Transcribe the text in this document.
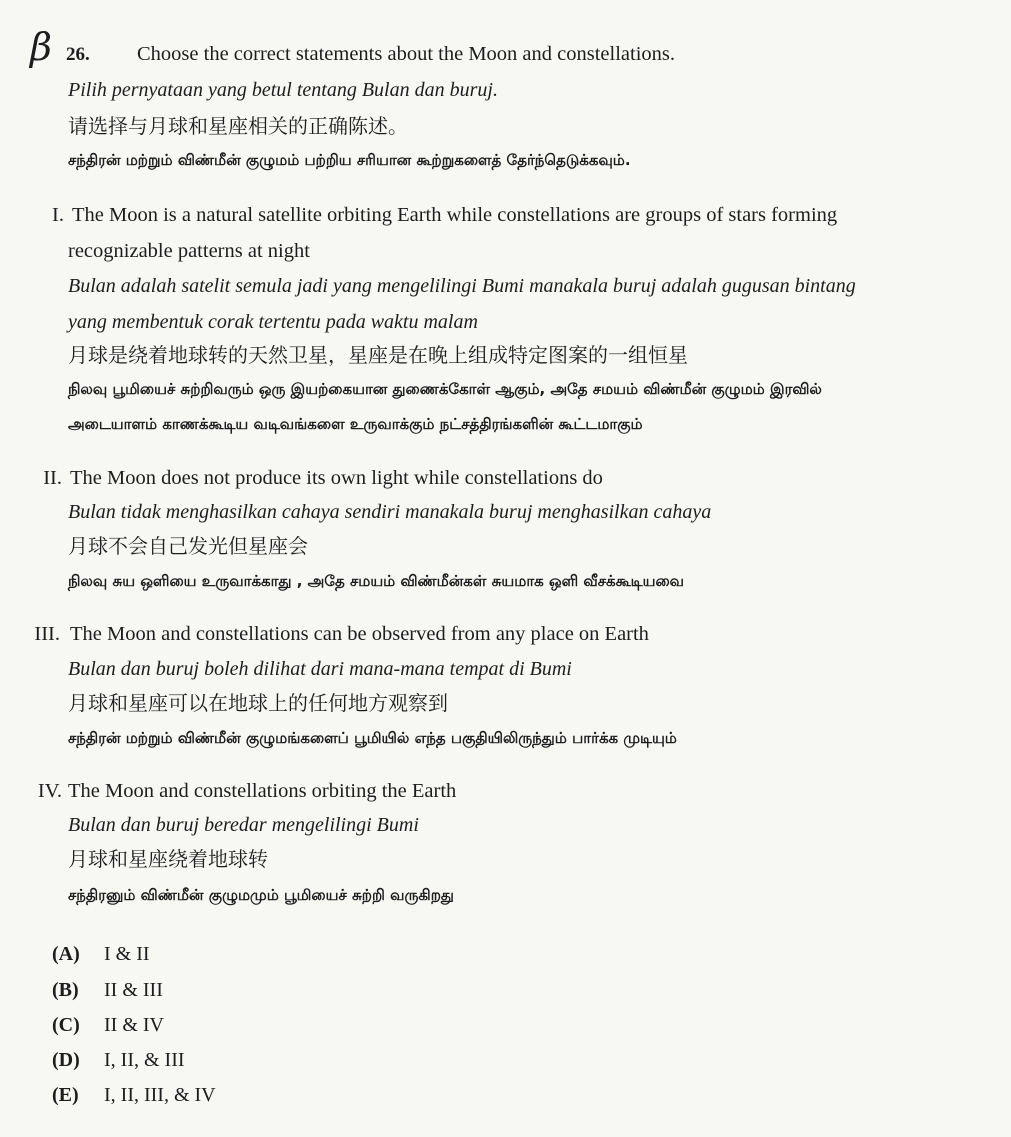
β 26. Choose the correct statements about the Moon and constellations.
Pilih pernyataan yang betul tentang Bulan dan buruj.
请选择与月球和星座相关的正确陈述。
சந்திரன் மற்றும் விண்மீன் குழுமம் பற்றிய சரியான கூற்றுகளைத் தேர்ந்தெடுக்கவும்.
I. The Moon is a natural satellite orbiting Earth while constellations are groups of stars forming
recognizable patterns at night
Bulan adalah satelit semula jadi yang mengelilingi Bumi manakala buruj adalah gugusan bintang
yang membentuk corak tertentu pada waktu malam
月球是绕着地球转的天然卫星，星座是在晚上组成特定图案的一组恒星
நிலவு பூமியைச் சுற்றிவரும் ஒரு இயற்கையான துணைக்கோள் ஆகும், அதே சமயம் விண்மீன் குழுமம் இரவில்
அடையாளம் காணக்கூடிய வடிவங்களை உருவாக்கும் நட்சத்திரங்களின் கூட்டமாகும்
II. The Moon does not produce its own light while constellations do
Bulan tidak menghasilkan cahaya sendiri manakala buruj menghasilkan cahaya
月球不会自己发光但星座会
நிலவு சுய ஒளியை உருவாக்காது , அதே சமயம் விண்மீன்கள் சுயமாக ஒளி வீசக்கூடியவை
III. The Moon and constellations can be observed from any place on Earth
Bulan dan buruj boleh dilihat dari mana-mana tempat di Bumi
月球和星座可以在地球上的任何地方观察到
சந்திரன் மற்றும் விண்மீன் குழுமங்களைப் பூமியில் எந்த பகுதியிலிருந்தும் பார்க்க முடியும்
IV. The Moon and constellations orbiting the Earth
Bulan dan buruj beredar mengelilingi Bumi
月球和星座绕着地球转
சந்திரனும் விண்மீன் குழுமமும் பூமியைச் சுற்றி வருகிறது
(A) I & II
(B) II & III
(C) II & IV
(D) I, II, & III
(E) I, II, III, & IV
